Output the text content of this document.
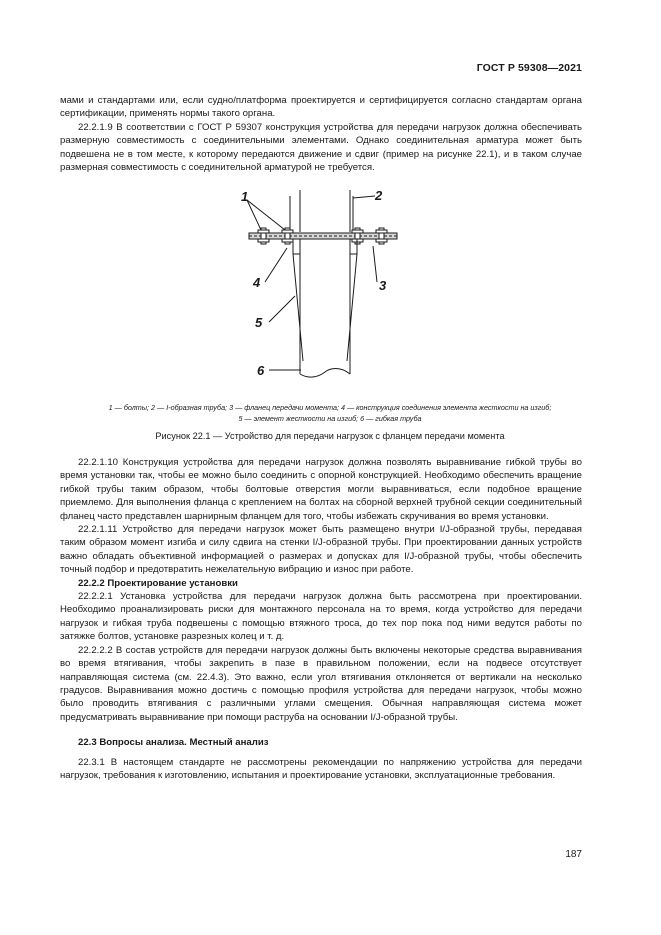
ГОСТ Р 59308—2021

мами и стандартами или, если судно/платформа проектируется и сертифицируется согласно стандартам органа сертификации, применять нормы такого органа.

22.2.1.9 В соответствии с ГОСТ Р 59307 конструкция устройства для передачи нагрузок должна обеспечивать размерную совместимость с соединительными элементами. Однако соединительная арматура может быть подвешена не в том месте, к которому передаются движение и сдвиг (пример на рисунке 22.1), и в таком случае размерная совместимость с соединительной арматурой не требуется.

1	2
3
4
5
6
1 — болты; 2 — I-образная труба; 3 — фланец передачи момента; 4 — конструкция соединения элемента жесткости на изгиб;
5 — элемент жесткости на изгиб; 6 — гибкая труба
Рисунок 22.1 — Устройство для передачи нагрузок с фланцем передачи момента

22.2.1.10 Конструкция устройства для передачи нагрузок должна позволять выравнивание гибкой трубы во время установки так, чтобы ее можно было соединить с опорной конструкцией. Необходимо обеспечить вращение гибкой трубы таким образом, чтобы болтовые отверстия могли выравниваться, если подобное вращение приемлемо. Для выполнения фланца с креплением на болтах на сборной верхней трубной секции соединительный фланец часто представлен шарнирным фланцем для того, чтобы избежать скручивания во время установки.

22.2.1.11 Устройство для передачи нагрузок может быть размещено внутри I/J-образной трубы, передавая таким образом момент изгиба и силу сдвига на стенки I/J-образной трубы. При проектировании данных устройств важно обладать объективной информацией о размерах и допусках для I/J-образной трубы, чтобы обеспечить точный подбор и предотвратить нежелательную вибрацию и износ при работе.

22.2.2 Проектирование установки

22.2.2.1 Установка устройства для передачи нагрузок должна быть рассмотрена при проектировании. Необходимо проанализировать риски для монтажного персонала на то время, когда устройство для передачи нагрузок и гибкая труба подвешены с помощью втяжного троса, до тех пор пока под ними ведутся работы по затяжке болтов, установке разрезных колец и т. д.

22.2.2.2 В состав устройств для передачи нагрузок должны быть включены некоторые средства выравнивания во время втягивания, чтобы закрепить в пазе в правильном положении, если на подвесе отсутствует направляющая система (см. 22.4.3). Это важно, если угол втягивания отклоняется от вертикали на несколько градусов. Выравнивания можно достичь с помощью профиля устройства для передачи нагрузок, чтобы можно было проводить втягивания с различными углами смещения. Обычная направляющая система может предусматривать выравнивание при помощи раструба на основании I/J-образной трубы.

22.3 Вопросы анализа. Местный анализ

22.3.1 В настоящем стандарте не рассмотрены рекомендации по напряжению устройства для передачи нагрузок, требования к изготовлению, испытания и проектирование установки, эксплуатационные требования.

187
